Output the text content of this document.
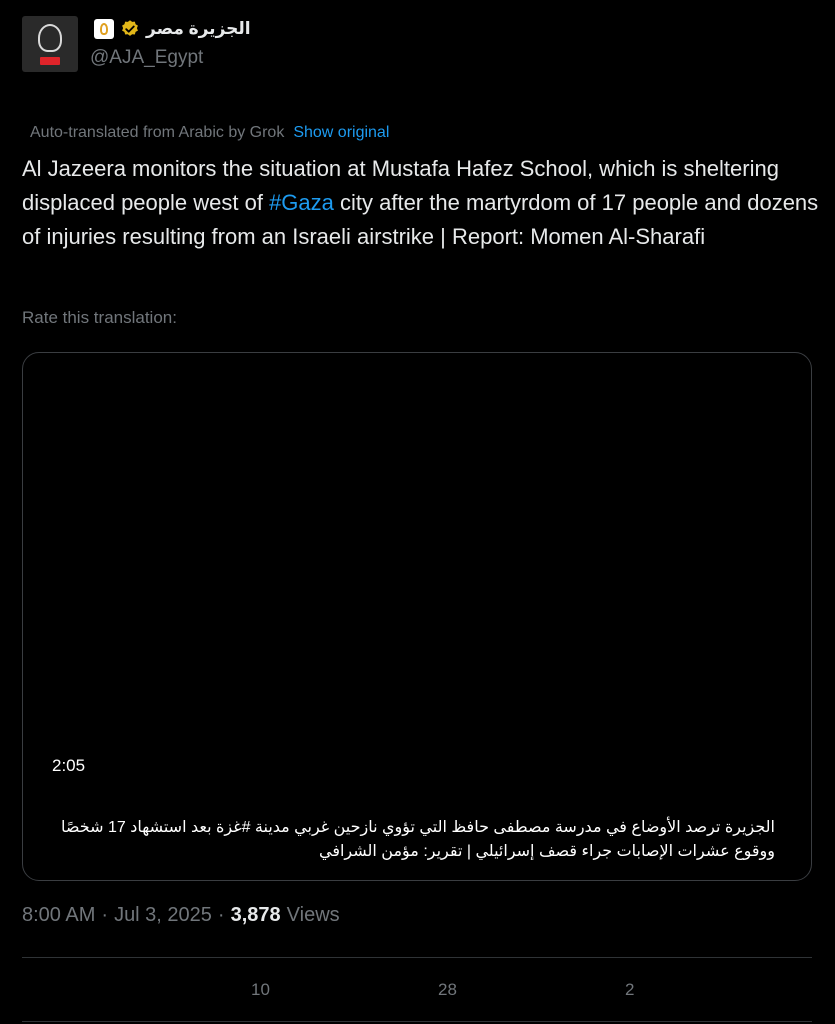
الجزيرة مصر
@AJA_Egypt
Auto-translated from Arabic by Grok Show original

Al Jazeera monitors the situation at Mustafa Hafez School, which is sheltering displaced people west of #Gaza city after the martyrdom of 17 people and dozens of injuries resulting from an Israeli airstrike | Report: Momen Al-Sharafi

Rate this translation:
2:05
الجزيرة ترصد الأوضاع في مدرسة مصطفى حافظ التي تؤوي نازحين غربي مدينة #غزة بعد استشهاد 17 شخصًا ووقوع عشرات الإصابات جراء قصف إسرائيلي | تقرير: مؤمن الشرافي
8:00 AM · Jul 3, 2025 · 3,878 Views
10	28	2
